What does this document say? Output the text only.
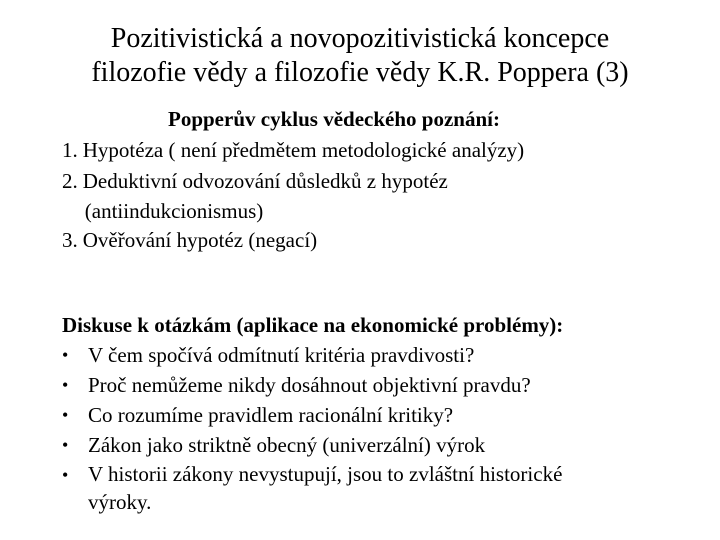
Pozitivistická a novopozitivistická koncepce
filozofie vědy a filozofie vědy K.R. Poppera (3)
Popperův cyklus vědeckého poznání:
1. Hypotéza ( není předmětem metodologické analýzy)
2. Deduktivní odvozování důsledků z hypotéz
(antiindukcionismus)
3. Ověřování hypotéz (negací)
Diskuse k otázkám (aplikace na ekonomické problémy):
• V čem spočívá odmítnutí kritéria pravdivosti?
• Proč nemůžeme nikdy dosáhnout objektivní pravdu?
• Co rozumíme pravidlem racionální kritiky?
• Zákon jako striktně obecný (univerzální) výrok
• V historii zákony nevystupují, jsou to zvláštní historické
výroky.
